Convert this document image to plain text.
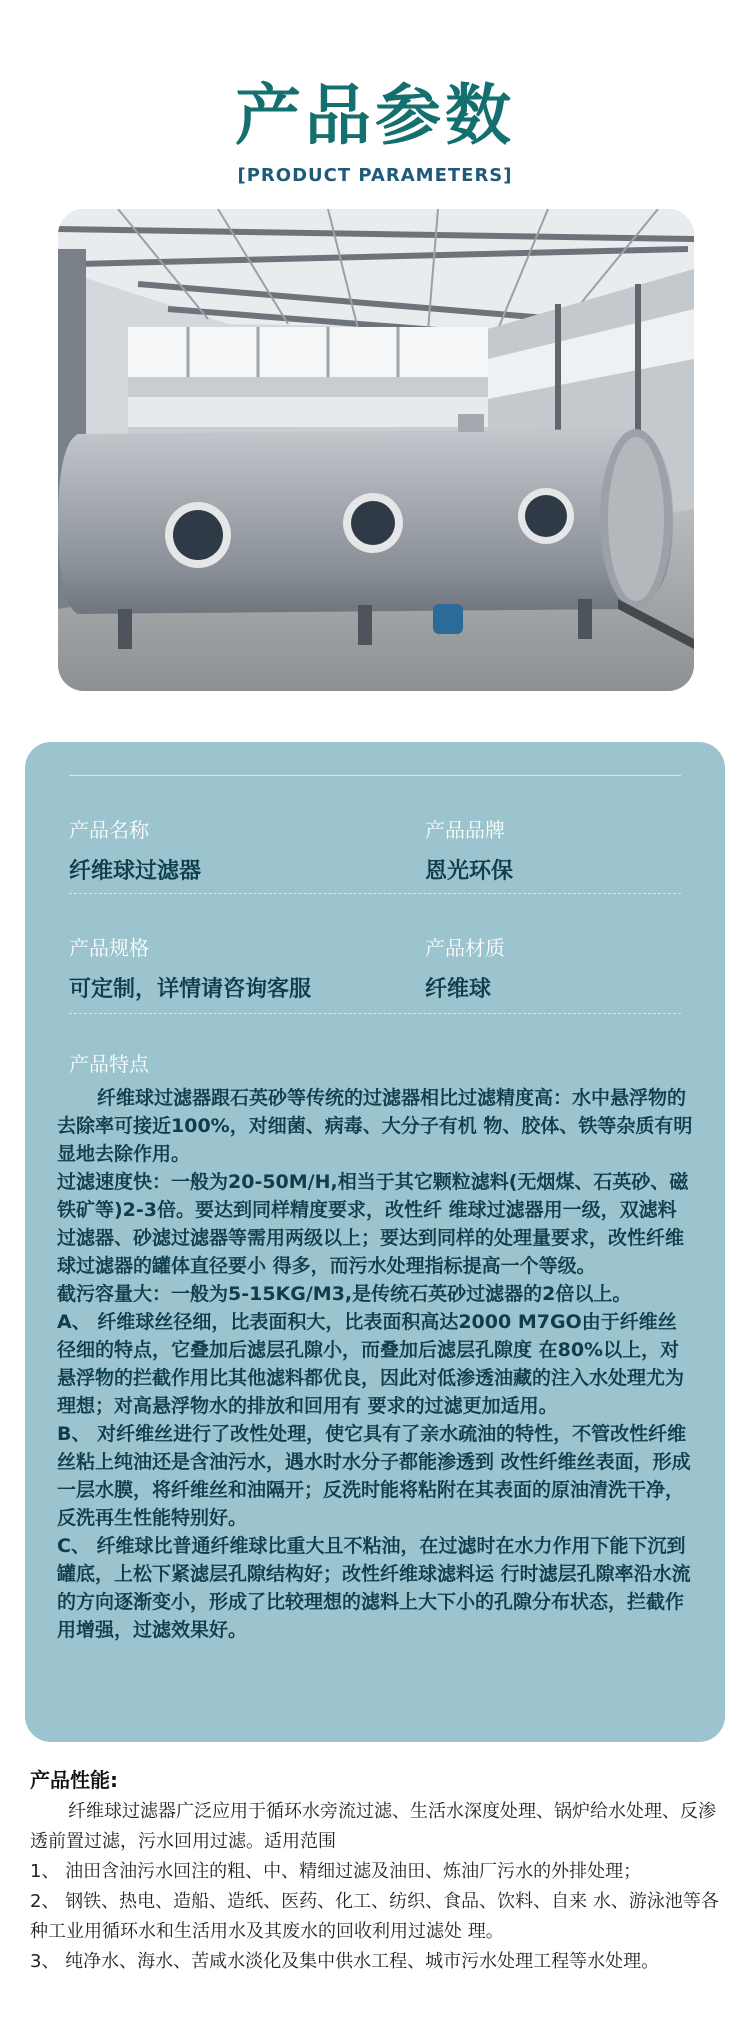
产品参数
[PRODUCT PARAMETERS]
产品名称
纤维球过滤器
产品品牌
恩光环保
产品规格
可定制，详情请咨询客服
产品材质
纤维球
产品特点

纤维球过滤器跟石英砂等传统的过滤器相比过滤精度高：水中悬浮物的去除率可接近100%，对细菌、病毒、大分子有机 物、胶体、铁等杂质有明显地去除作用。

过滤速度快：一般为20-50M/H,相当于其它颗粒滤料(无烟煤、石英砂、磁铁矿等)2-3倍。要达到同样精度要求，改性纤 维球过滤器用一级，双滤料过滤器、砂滤过滤器等需用两级以上；要达到同样的处理量要求，改性纤维球过滤器的罐体直径要小 得多，而污水处理指标提高一个等级。

截污容量大：一般为5-15KG/M3,是传统石英砂过滤器的2倍以上。

A、 纤维球丝径细，比表面积大，比表面积高达2000 M7GO由于纤维丝径细的特点，它叠加后滤层孔隙小，而叠加后滤层孔隙度 在80%以上，对悬浮物的拦截作用比其他滤料都优良，因此对低渗透油藏的注入水处理尤为理想；对高悬浮物水的排放和回用有 要求的过滤更加适用。

B、 对纤维丝进行了改性处理，使它具有了亲水疏油的特性，不管改性纤维丝粘上纯油还是含油污水，遇水时水分子都能渗透到 改性纤维丝表面，形成一层水膜，将纤维丝和油隔开；反洗时能将粘附在其表面的原油清洗干净，反洗再生性能特别好。

C、 纤维球比普通纤维球比重大且不粘油，在过滤时在水力作用下能下沉到罐底，上松下紧滤层孔隙结构好；改性纤维球滤料运 行时滤层孔隙率沿水流的方向逐渐变小，形成了比较理想的滤料上大下小的孔隙分布状态，拦截作用增强，过滤效果好。

产品性能:

纤维球过滤器广泛应用于循环水旁流过滤、生活水深度处理、锅炉给水处理、反渗透前置过滤，污水回用过滤。适用范围

1、 油田含油污水回注的粗、中、精细过滤及油田、炼油厂污水的外排处理；

2、 钢铁、热电、造船、造纸、医药、化工、纺织、食品、饮料、自来 水、游泳池等各种工业用循环水和生活用水及其废水的回收利用过滤处 理。

3、 纯净水、海水、苦咸水淡化及集中供水工程、城市污水处理工程等水处理。
